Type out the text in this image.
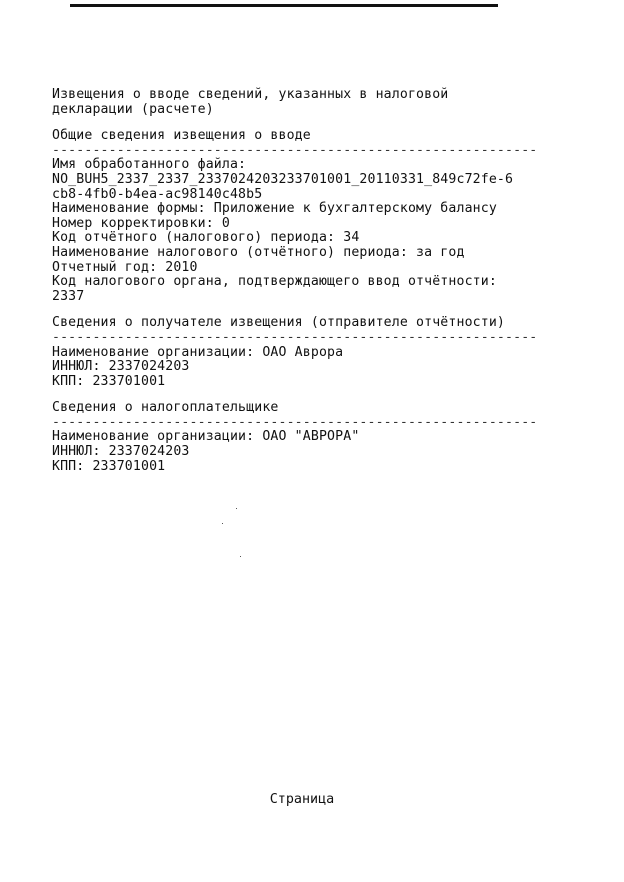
Извещения о вводе сведений, указанных в налоговой
декларации (расчете)
Общие сведения извещения о вводе
------------------------------------------------------------
Имя обработанного файла:
NO_BUH5_2337_2337_2337024203233701001_20110331_849c72fe-6
cb8-4fb0-b4ea-ac98140c48b5
Наименование формы: Приложение к бухгалтерскому балансу
Номер корректировки: 0
Код отчётного (налогового) периода: 34
Наименование налогового (отчётного) периода: за год
Отчетный год: 2010
Код налогового органа, подтверждающего ввод отчётности:
2337
Сведения о получателе извещения (отправителе отчётности)
------------------------------------------------------------
Наименование организации: ОАО Аврора
ИННЮЛ: 2337024203
КПП: 233701001
Сведения о налогоплательщике
------------------------------------------------------------
Наименование организации: ОАО "АВРОРА"
ИННЮЛ: 2337024203
КПП: 233701001
Страница
